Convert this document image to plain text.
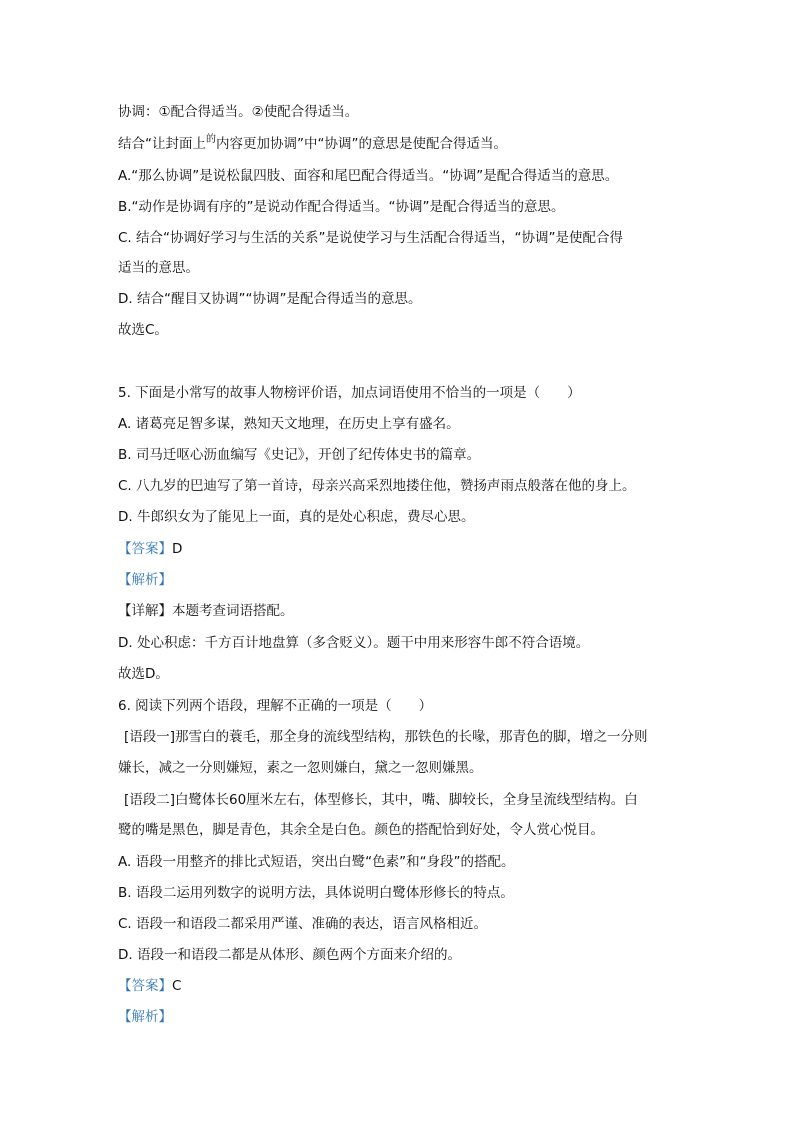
协调：①配合得适当。②使配合得适当。
结合“让封面上$^的$内容更加协调”中“协调”的意思是使配合得适当。
A.“那么协调”是说松鼠四肢、面容和尾巴配合得适当。“协调”是配合得适当的意思。
B.“动作是协调有序的”是说动作配合得适当。“协调”是配合得适当的意思。
C. 结合“协调好学习与生活的关系”是说使学习与生活配合得适当，“协调”是使配合得
适当的意思。
D. 结合“醒目又协调”“协调”是配合得适当的意思。
故选C。
5. 下面是小常写的故事人物榜评价语，加点词语使用不恰当的一项是（　　）
A. 诸葛亮足智多谋，熟知天文地理，在历史上享有盛名。
B. 司马迁呕心沥血编写《史记》，开创了纪传体史书的篇章。
C. 八九岁的巴迪写了第一首诗，母亲兴高采烈地搂住他，赞扬声雨点般落在他的身上。
D. 牛郎织女为了能见上一面，真的是处心积虑，费尽心思。
【答案】D
【解析】
【详解】本题考查词语搭配。
D. 处心积虑：千方百计地盘算（多含贬义）。题干中用来形容牛郎不符合语境。
故选D。
6. 阅读下列两个语段，理解不正确的一项是（　　）
[语段一]那雪白的蓑毛，那全身的流线型结构，那铁色的长喙，那青色的脚，增之一分则
嫌长，减之一分则嫌短，素之一忽则嫌白，黛之一忽则嫌黑。
[语段二]白鹭体长60厘米左右，体型修长，其中，嘴、脚较长，全身呈流线型结构。白
鹭的嘴是黑色，脚是青色，其余全是白色。颜色的搭配恰到好处，令人赏心悦目。
A. 语段一用整齐的排比式短语，突出白鹭“色素”和“身段”的搭配。
B. 语段二运用列数字的说明方法，具体说明白鹭体形修长的特点。
C. 语段一和语段二都采用严谨、准确的表达，语言风格相近。
D. 语段一和语段二都是从体形、颜色两个方面来介绍的。
【答案】C
【解析】
